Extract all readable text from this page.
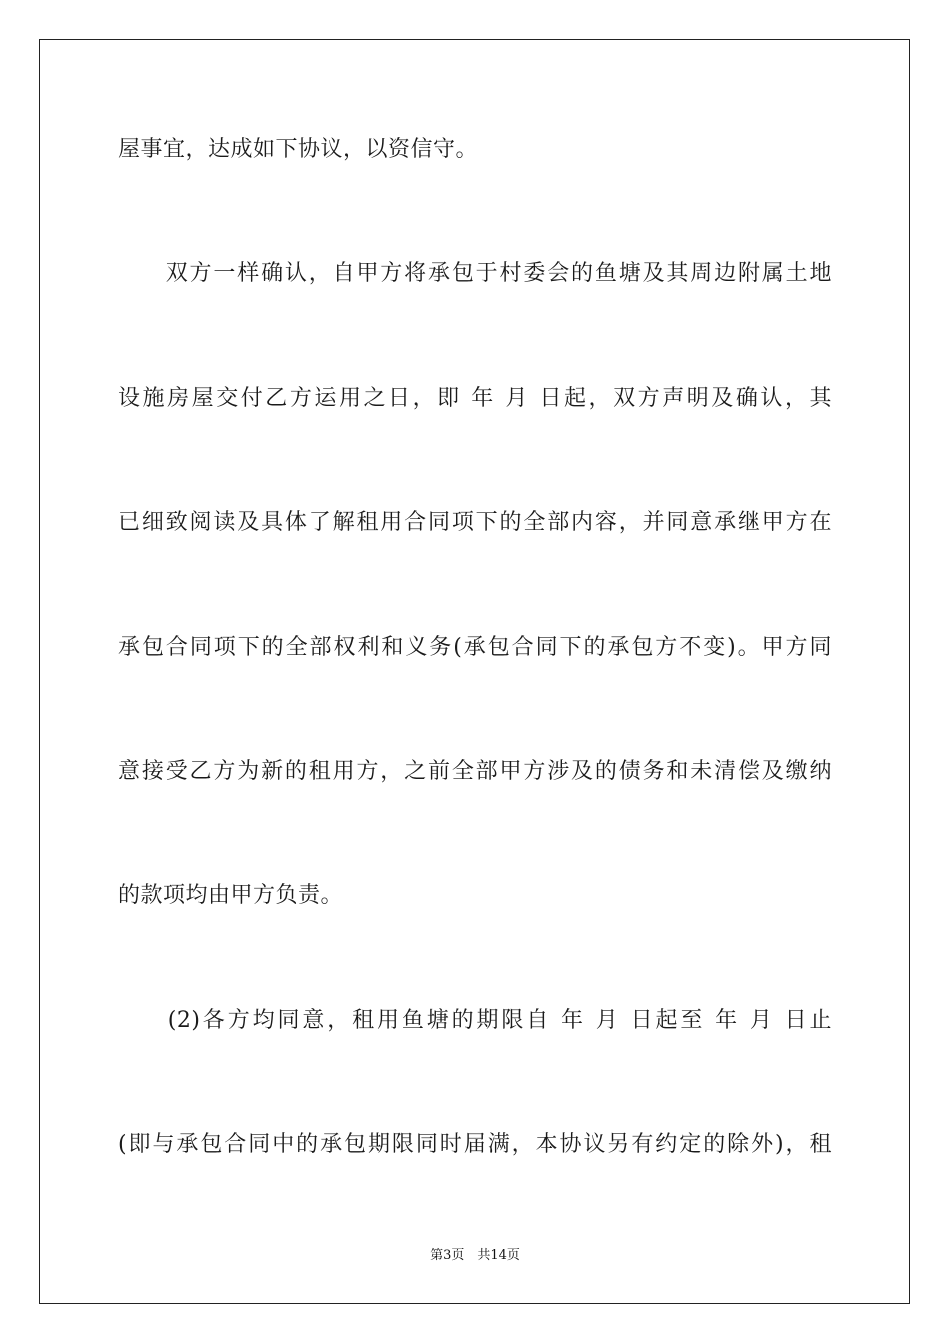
屋事宜，达成如下协议，以资信守。
　　双方一样确认，自甲方将承包于村委会的鱼塘及其周边附属土地
设施房屋交付乙方运用之日，即 年 月 日起，双方声明及确认，其
已细致阅读及具体了解租用合同项下的全部内容，并同意承继甲方在
承包合同项下的全部权利和义务(承包合同下的承包方不变)。甲方同
意接受乙方为新的租用方，之前全部甲方涉及的债务和未清偿及缴纳
的款项均由甲方负责。
　　(2)各方均同意，租用鱼塘的期限自 年 月 日起至 年 月 日止
(即与承包合同中的承包期限同时届满，本协议另有约定的除外)，租
第3页　共14页
